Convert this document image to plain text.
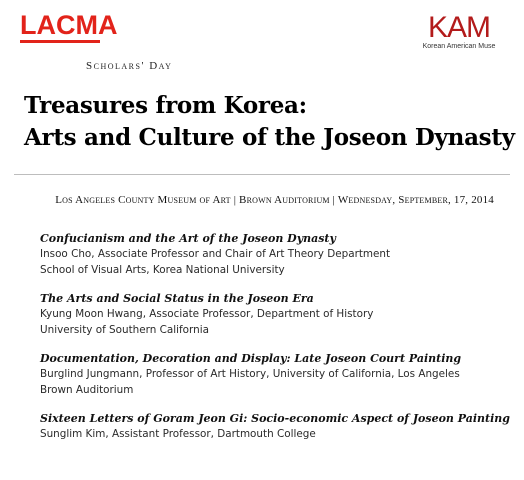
LACMA	KAM
Korean American Muse
Scholars' Day
Treasures from Korea:
Arts and Culture of the Joseon Dynasty
Los Angeles County Museum of Art | Brown Auditorium | Wednesday, September, 17, 2014
Confucianism and the Art of the Joseon Dynasty
Insoo Cho, Associate Professor and Chair of Art Theory Department
School of Visual Arts, Korea National University
The Arts and Social Status in the Joseon Era
Kyung Moon Hwang, Associate Professor, Department of History
University of Southern California
Documentation, Decoration and Display: Late Joseon Court Painting
Burglind Jungmann, Professor of Art History, University of California, Los Angeles
Brown Auditorium
Sixteen Letters of Goram Jeon Gi: Socio-economic Aspect of Joseon Painting
Sunglim Kim, Assistant Professor, Dartmouth College
